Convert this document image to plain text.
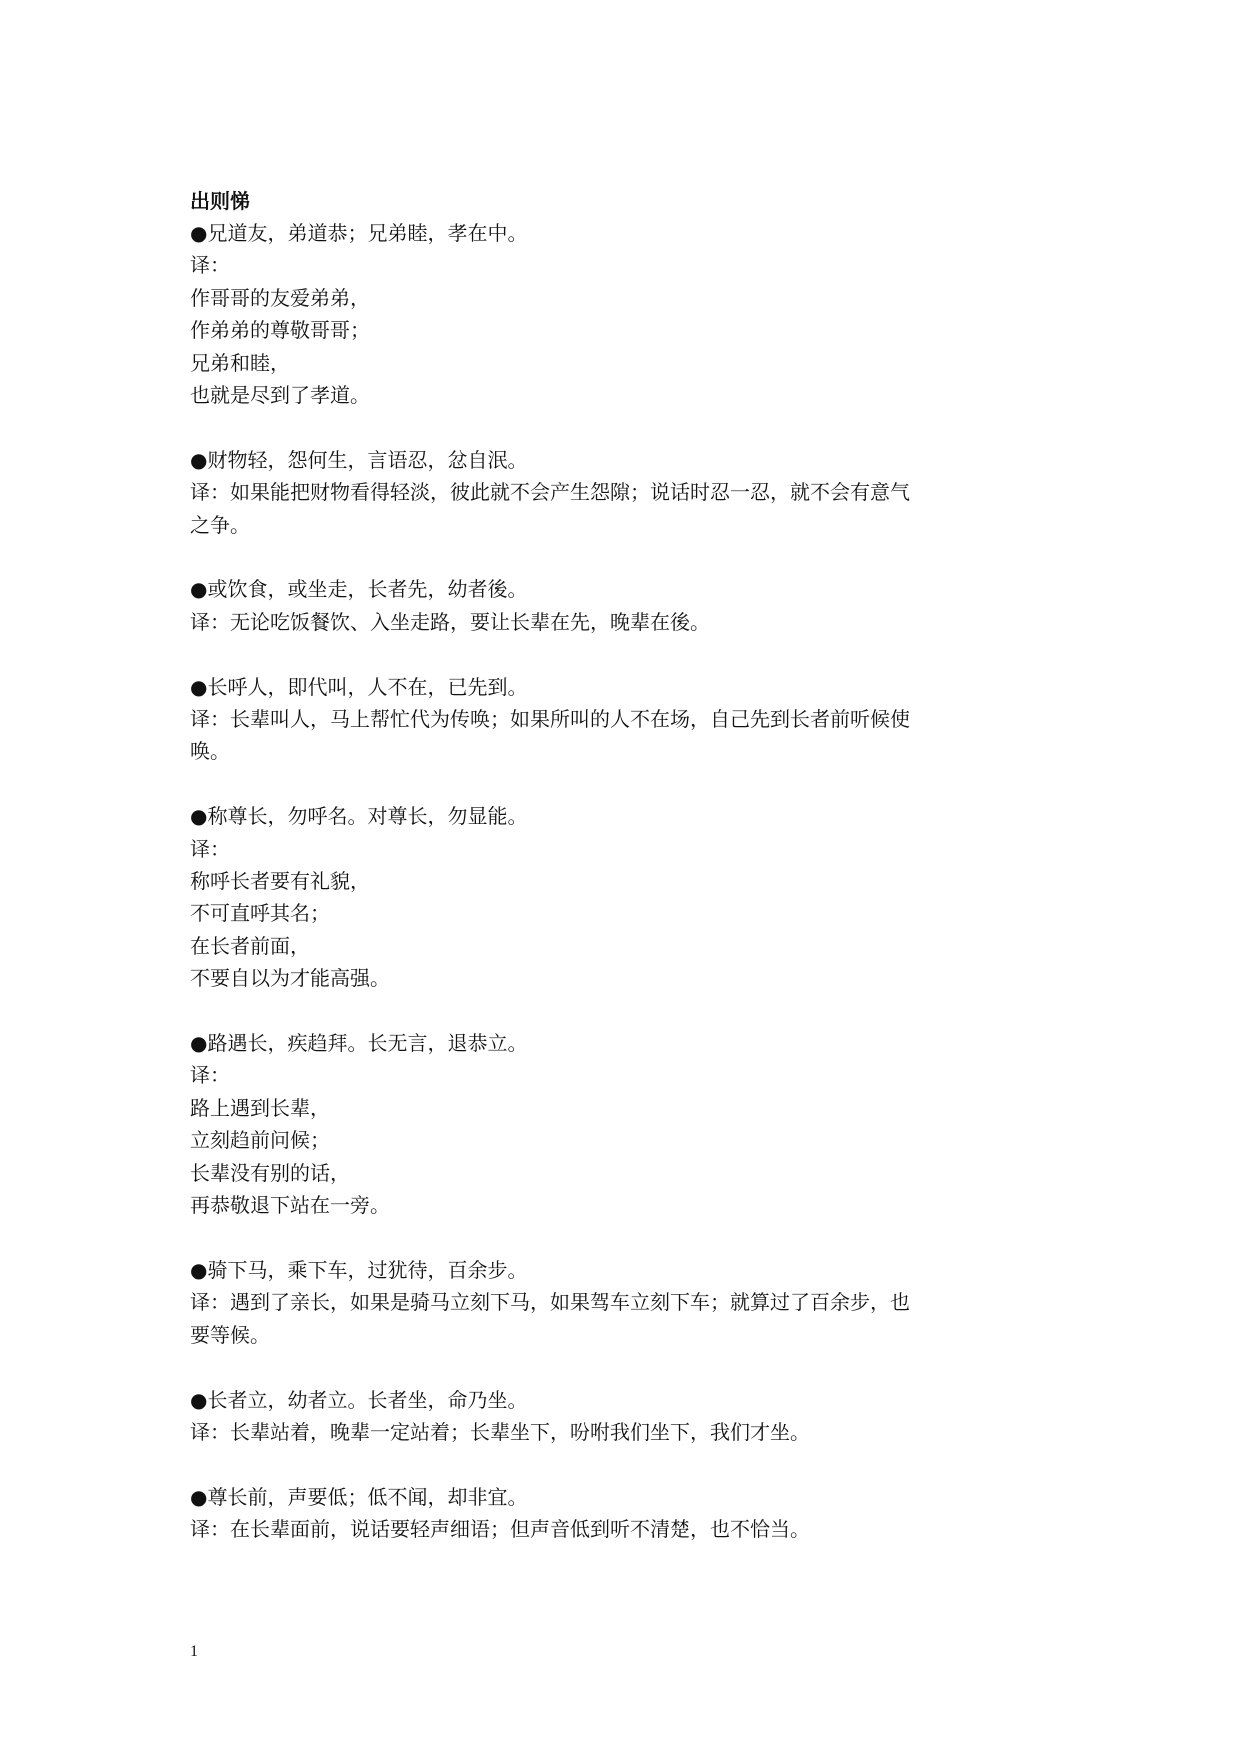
出则悌

●兄道友，弟道恭；兄弟睦，孝在中。

译：

作哥哥的友爱弟弟，

作弟弟的尊敬哥哥；

兄弟和睦，

也就是尽到了孝道。

●财物轻，怨何生，言语忍，忿自泯。

译：如果能把财物看得轻淡，彼此就不会产生怨隙；说话时忍一忍，就不会有意气之争。

●或饮食，或坐走，长者先，幼者後。

译：无论吃饭餐饮、入坐走路，要让长辈在先，晚辈在後。

●长呼人，即代叫，人不在，已先到。

译：长辈叫人，马上帮忙代为传唤；如果所叫的人不在场，自己先到长者前听候使唤。

●称尊长，勿呼名。对尊长，勿显能。

译：

称呼长者要有礼貌，

不可直呼其名；

在长者前面，

不要自以为才能高强。

●路遇长，疾趋拜。长无言，退恭立。

译：

路上遇到长辈，

立刻趋前问候；

长辈没有别的话，

再恭敬退下站在一旁。

●骑下马，乘下车，过犹待，百余步。

译：遇到了亲长，如果是骑马立刻下马，如果驾车立刻下车；就算过了百余步，也要等候。

●长者立，幼者立。长者坐，命乃坐。

译：长辈站着，晚辈一定站着；长辈坐下，吩咐我们坐下，我们才坐。

●尊长前，声要低；低不闻，却非宜。

译：在长辈面前，说话要轻声细语；但声音低到听不清楚，也不恰当。

1
